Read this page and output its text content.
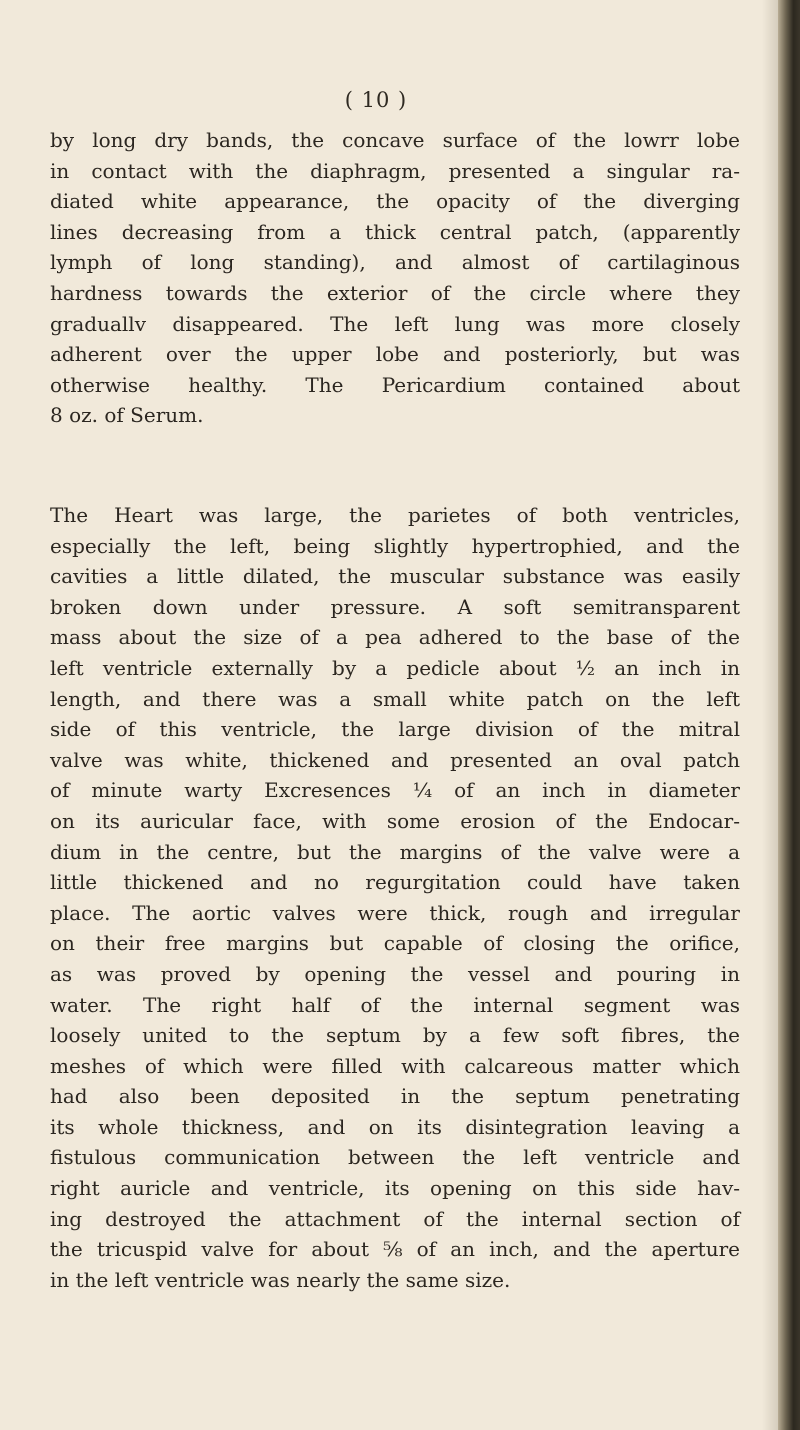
( 10 )
by long dry bands, the concave surface of the lowrr lobe
in contact with the diaphragm, presented a singular ra-
diated white appearance, the opacity of the diverging
lines decreasing from a thick central patch, (apparently
lymph of long standing), and almost of cartilaginous
hardness towards the exterior of the circle where they
graduallv disappeared. The left lung was more closely
adherent over the upper lobe and posteriorly, but was
otherwise healthy. The Pericardium contained about
8 oz. of Serum.
The Heart was large, the parietes of both ventricles,
especially the left, being slightly hypertrophied, and the
cavities a little dilated, the muscular substance was easily
broken down under pressure. A soft semitransparent
mass about the size of a pea adhered to the base of the
left ventricle externally by a pedicle about ½ an inch in
length, and there was a small white patch on the left
side of this ventricle, the large division of the mitral
valve was white, thickened and presented an oval patch
of minute warty Excresences ¼ of an inch in diameter
on its auricular face, with some erosion of the Endocar-
dium in the centre, but the margins of the valve were a
little thickened and no regurgitation could have taken
place. The aortic valves were thick, rough and irregular
on their free margins but capable of closing the orifice,
as was proved by opening the vessel and pouring in
water. The right half of the internal segment was
loosely united to the septum by a few soft fibres, the
meshes of which were filled with calcareous matter which
had also been deposited in the septum penetrating
its whole thickness, and on its disintegration leaving a
fistulous communication between the left ventricle and
right auricle and ventricle, its opening on this side hav-
ing destroyed the attachment of the internal section of
the tricuspid valve for about ⅝ of an inch, and the aperture
in the left ventricle was nearly the same size.
